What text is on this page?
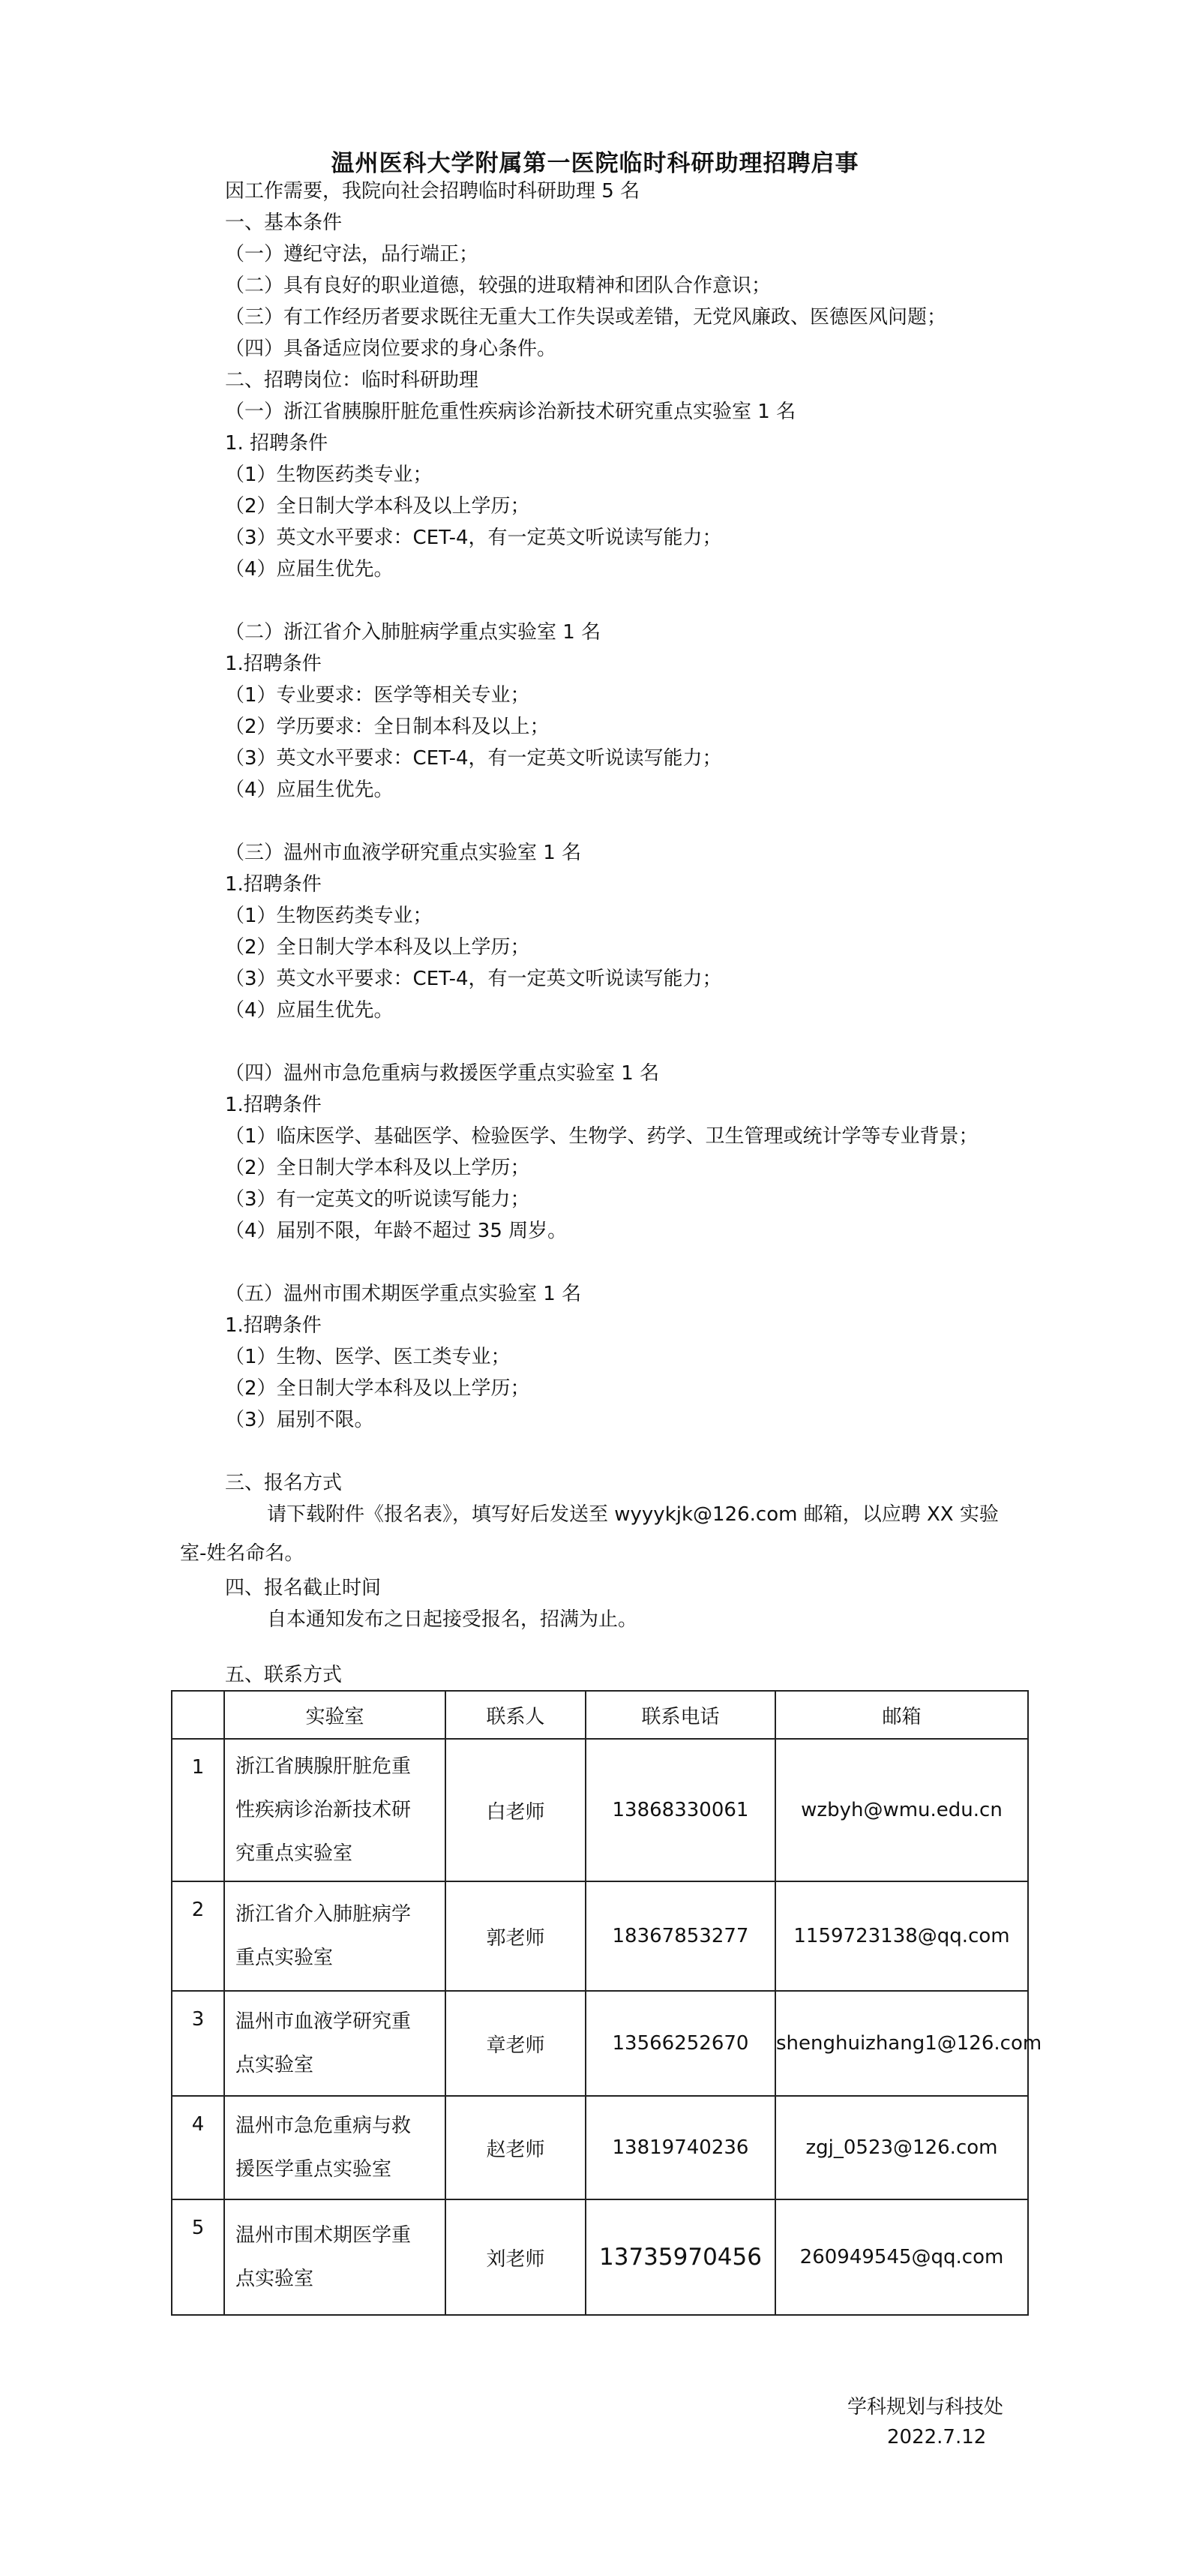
温州医科大学附属第一医院临时科研助理招聘启事
因工作需要，我院向社会招聘临时科研助理 5 名
一、基本条件
（一）遵纪守法，品行端正；
（二）具有良好的职业道德，较强的进取精神和团队合作意识；
（三）有工作经历者要求既往无重大工作失误或差错，无党风廉政、医德医风问题；
（四）具备适应岗位要求的身心条件。
二、招聘岗位：临时科研助理
（一）浙江省胰腺肝脏危重性疾病诊治新技术研究重点实验室 1 名
1. 招聘条件
（1）生物医药类专业；
（2）全日制大学本科及以上学历；
（3）英文水平要求：CET-4，有一定英文听说读写能力；
（4）应届生优先。
（二）浙江省介入肺脏病学重点实验室 1 名
1.招聘条件
（1）专业要求：医学等相关专业；
（2）学历要求：全日制本科及以上；
（3）英文水平要求：CET-4，有一定英文听说读写能力；
（4）应届生优先。
（三）温州市血液学研究重点实验室 1 名
1.招聘条件
（1）生物医药类专业；
（2）全日制大学本科及以上学历；
（3）英文水平要求：CET-4，有一定英文听说读写能力；
（4）应届生优先。
（四）温州市急危重病与救援医学重点实验室 1 名
1.招聘条件
（1）临床医学、基础医学、检验医学、生物学、药学、卫生管理或统计学等专业背景；
（2）全日制大学本科及以上学历；
（3）有一定英文的听说读写能力；
（4）届别不限，年龄不超过 35 周岁。
（五）温州市围术期医学重点实验室 1 名
1.招聘条件
（1）生物、医学、医工类专业；
（2）全日制大学本科及以上学历；
（3）届别不限。
三、报名方式
请下载附件《报名表》，填写好后发送至 wyyykjk@126.com 邮箱，以应聘 XX 实验
室-姓名命名。
四、报名截止时间
自本通知发布之日起接受报名，招满为止。
五、联系方式
	实验室	联系人	联系电话	邮箱
1	浙江省胰腺肝脏危重
性疾病诊治新技术研
究重点实验室	白老师	13868330061	wzbyh@wmu.edu.cn
2	浙江省介入肺脏病学
重点实验室	郭老师	18367853277	1159723138@qq.com
3	温州市血液学研究重
点实验室	章老师	13566252670	shenghuizhang1@126.com
4	温州市急危重病与救
援医学重点实验室	赵老师	13819740236	zgj_0523@126.com
5	温州市围术期医学重
点实验室	刘老师	13735970456	260949545@qq.com
学科规划与科技处
2022.7.12
